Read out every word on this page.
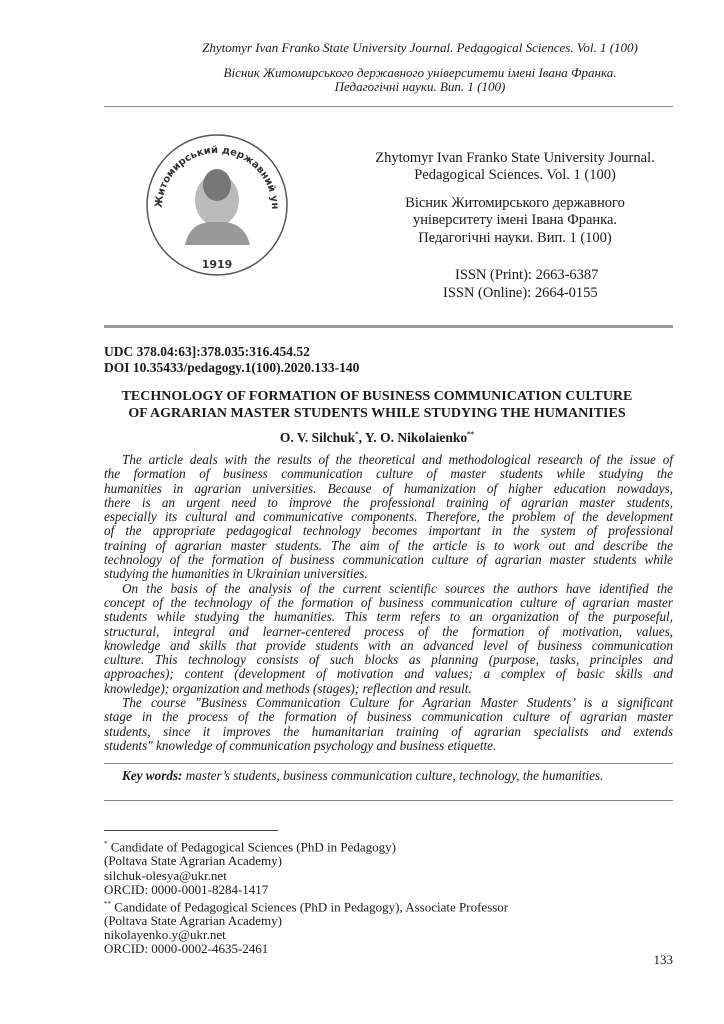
Zhytomyr Ivan Franko State University Journal. Pedagogical Sciences. Vol. 1 (100)
Вісник Житомирського державного університети імені Івана Франка.
Педагогічні науки. Вип. 1 (100)
Житомирський державний ун
1919
Zhytomyr Ivan Franko State University Journal.
Pedagogical Sciences. Vol. 1 (100)
Вісник Житомирського державного
університету імені Івана Франка.
Педагогічні науки. Вип. 1 (100)
ISSN (Print): 2663-6387
ISSN (Online): 2664-0155
UDC 378.04:63]:378.035:316.454.52
DOI 10.35433/pedagogy.1(100).2020.133-140
TECHNOLOGY OF FORMATION OF BUSINESS COMMUNICATION CULTURE
OF AGRARIAN MASTER STUDENTS WHILE STUDYING THE HUMANITIES
O. V. Silchuk*, Y. O. Nikolaienko**
The article deals with the results of the theoretical and methodological research of the issue of
the formation of business communication culture of master students while studying the
humanities in agrarian universities. Because of humanization of higher education nowadays,
there is an urgent need to improve the professional training of agrarian master students,
especially its cultural and communicative components. Therefore, the problem of the development
of the appropriate pedagogical technology becomes important in the system of professional
training of agrarian master students. The aim of the article is to work out and describe the
technology of the formation of business communication culture of agrarian master students while
studying the humanities in Ukrainian universities.
On the basis of the analysis of the current scientific sources the authors have identified the
concept of the technology of the formation of business communication culture of agrarian master
students while studying the humanities. This term refers to an organization of the purposeful,
structural, integral and learner-centered process of the formation of motivation, values,
knowledge and skills that provide students with an advanced level of business communication
culture. This technology consists of such blocks as planning (purpose, tasks, principles and
approaches); content (development of motivation and values; a complex of basic skills and
knowledge); organization and methods (stages); reflection and result.
The course "Business Communication Culture for Agrarian Master Students’ is a significant
stage in the process of the formation of business communication culture of agrarian master
students, since it improves the humanitarian training of agrarian specialists and extends
students" knowledge of communication psychology and business etiquette.
Key words: master’s students, business communication culture, technology, the humanities.
* Candidate of Pedagogical Sciences (PhD in Pedagogy)
(Poltava State Agrarian Academy)
silchuk-olesya@ukr.net
ORCID: 0000-0001-8284-1417
** Candidate of Pedagogical Sciences (PhD in Pedagogy), Associate Professor
(Poltava State Agrarian Academy)
nikolayenko.y@ukr.net
ORCID: 0000-0002-4635-2461
133
